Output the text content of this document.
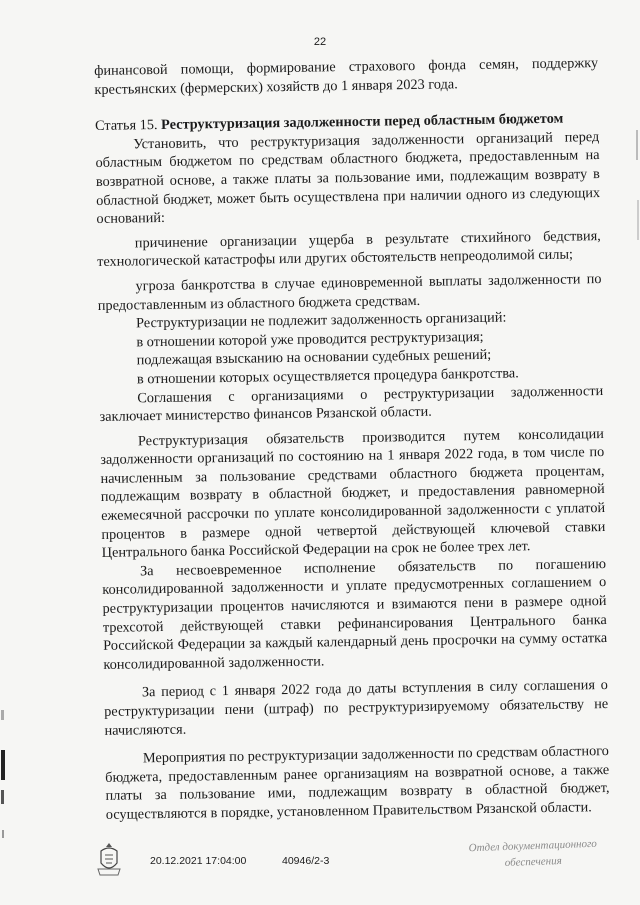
22

финансовой помощи, формирование страхового фонда семян, поддержку крестьянских (фермерских) хозяйств до 1 января 2023 года.

Статья 15. Реструктуризация задолженности перед областным бюджетом

Установить, что реструктуризация задолженности организаций перед областным бюджетом по средствам областного бюджета, предоставленным на возвратной основе, а также платы за пользование ими, подлежащим возврату в областной бюджет, может быть осуществлена при наличии одного из следующих оснований:

причинение организации ущерба в результате стихийного бедствия, технологической катастрофы или других обстоятельств непреодолимой силы;

угроза банкротства в случае единовременной выплаты задолженности по предоставленным из областного бюджета средствам.

Реструктуризации не подлежит задолженность организаций:

в отношении которой уже проводится реструктуризация;

подлежащая взысканию на основании судебных решений;

в отношении которых осуществляется процедура банкротства.

Соглашения с организациями о реструктуризации задолженности заключает министерство финансов Рязанской области.

Реструктуризация обязательств производится путем консолидации задолженности организаций по состоянию на 1 января 2022 года, в том числе по начисленным за пользование средствами областного бюджета процентам, подлежащим возврату в областной бюджет, и предоставления равномерной ежемесячной рассрочки по уплате консолидированной задолженности с уплатой процентов в размере одной четвертой действующей ключевой ставки Центрального банка Российской Федерации на срок не более трех лет.

За несвоевременное исполнение обязательств по погашению консолидированной задолженности и уплате предусмотренных соглашением о реструктуризации процентов начисляются и взимаются пени в размере одной трехсотой действующей ставки рефинансирования Центрального банка Российской Федерации за каждый календарный день просрочки на сумму остатка консолидированной задолженности.

За период с 1 января 2022 года до даты вступления в силу соглашения о реструктуризации пени (штраф) по реструктуризируемому обязательству не начисляются.

Мероприятия по реструктуризации задолженности по средствам областного бюджета, предоставленным ранее организациям на возвратной основе, а также платы за пользование ими, подлежащим возврату в областной бюджет, осуществляются в порядке, установленном Правительством Рязанской области.

20.12.2021 17:04:00	40946/2-3
Отдел документационного
обеспечения
